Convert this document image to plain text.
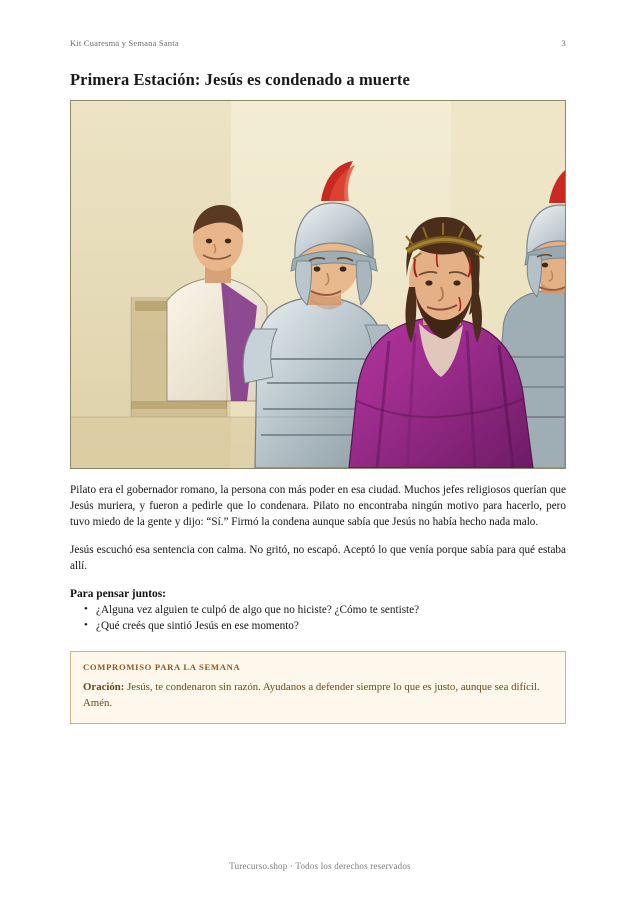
Kit Cuaresma y Semana Santa	3
Primera Estación: Jesús es condenado a muerte

Pilato era el gobernador romano, la persona con más poder en esa ciudad. Muchos jefes religiosos querían que Jesús muriera, y fueron a pedirle que lo condenara. Pilato no encontraba ningún motivo para hacerlo, pero tuvo miedo de la gente y dijo: “Sí.” Firmó la condena aunque sabía que Jesús no había hecho nada malo.

Jesús escuchó esa sentencia con calma. No gritó, no escapó. Aceptó lo que venía porque sabía para qué estaba allí.

Para pensar juntos:
• ¿Alguna vez alguien te culpó de algo que no hiciste? ¿Cómo te sentiste?
• ¿Qué creés que sintió Jesús en ese momento?
COMPROMISO PARA LA SEMANA
Oración: Jesús, te condenaron sin razón. Ayudanos a defender siempre lo que es justo, aunque sea difícil. Amén.
Turecurso.shop · Todos los derechos reservados
